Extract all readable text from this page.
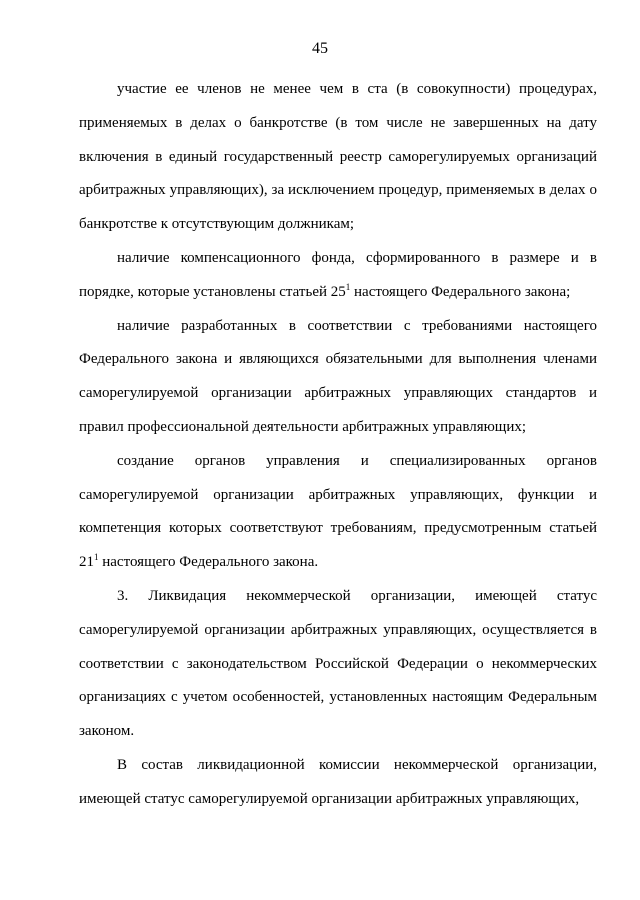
45

участие ее членов не менее чем в ста (в совокупности) процедурах, применяемых в делах о банкротстве (в том числе не завершенных на дату включения в единый государственный реестр саморегулируемых организаций арбитражных управляющих), за исключением процедур, применяемых в делах о банкротстве к отсутствующим должникам;

наличие компенсационного фонда, сформированного в размере и в порядке, которые установлены статьей $25^1$ настоящего Федерального закона;

наличие разработанных в соответствии с требованиями настоящего Федерального закона и являющихся обязательными для выполнения членами саморегулируемой организации арбитражных управляющих стандартов и правил профессиональной деятельности арбитражных управляющих;

создание органов управления и специализированных органов саморегулируемой организации арбитражных управляющих, функции и компетенция которых соответствуют требованиям, предусмотренным статьей $21^1$ настоящего Федерального закона.

3. Ликвидация некоммерческой организации, имеющей статус саморегулируемой организации арбитражных управляющих, осуществляется в соответствии с законодательством Российской Федерации о некоммерческих организациях с учетом особенностей, установленных настоящим Федеральным законом.

В состав ликвидационной комиссии некоммерческой организации, имеющей статус саморегулируемой организации арбитражных управляющих,
